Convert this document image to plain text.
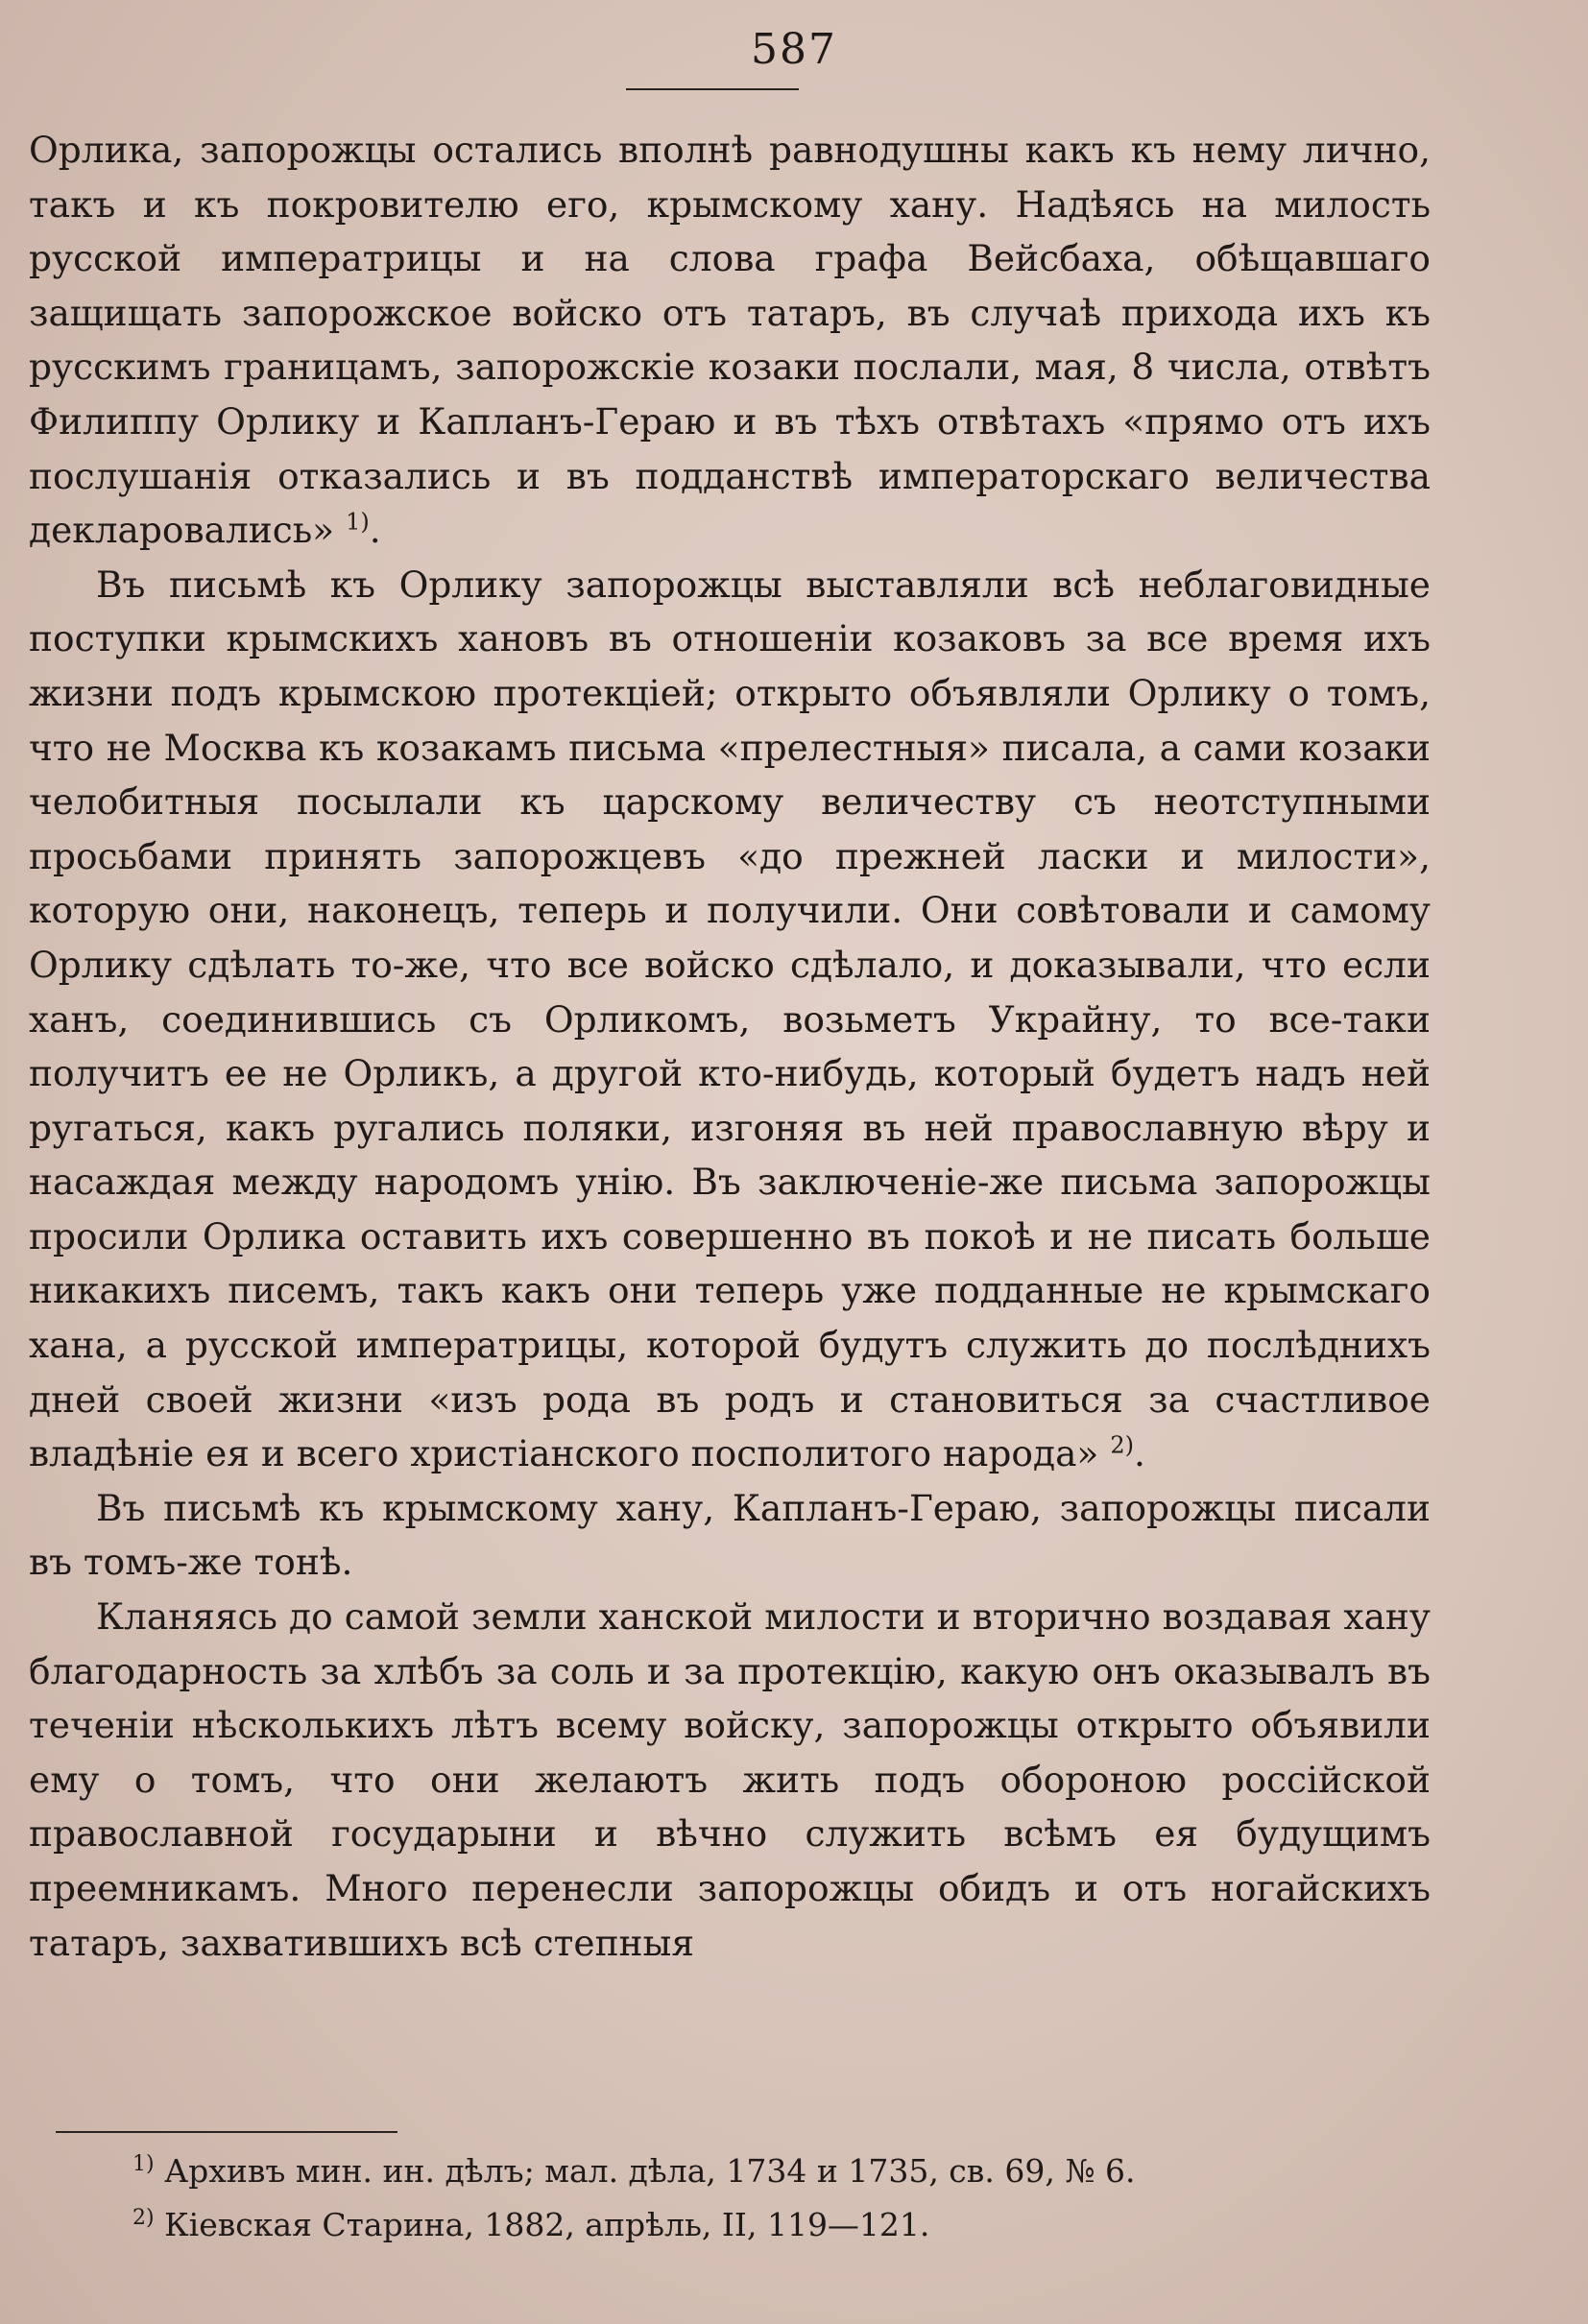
587

Орлика, запорожцы остались вполнѣ равнодушны какъ къ нему лично, такъ и къ покровителю его, крымскому хану. Надѣясь на милость русской императрицы и на слова графа Вейсбаха, обѣщавшаго защищать запорожское войско отъ татаръ, въ случаѣ прихода ихъ къ русскимъ границамъ, запорожскіе козаки послали, мая, 8 числа, отвѣтъ Филиппу Орлику и Капланъ-Гераю и въ тѣхъ отвѣтахъ «прямо отъ ихъ послушанія отказались и въ подданствѣ императорскаго величества декларовались» $^{1)}$.

Въ письмѣ къ Орлику запорожцы выставляли всѣ неблаговидные поступки крымскихъ хановъ въ отношеніи козаковъ за все время ихъ жизни подъ крымскою протекціей; открыто объявляли Орлику о томъ, что не Москва къ козакамъ письма «прелестныя» писала, а сами козаки челобитныя посылали къ царскому величеству съ неотступными просьбами принять запорожцевъ «до прежней ласки и милости», которую они, наконецъ, теперь и получили. Они совѣтовали и самому Орлику сдѣлать то-же, что все войско сдѣлало, и доказывали, что если ханъ, соединившись съ Орликомъ, возьметъ Украйну, то все-таки получитъ ее не Орликъ, а другой кто-нибудь, который будетъ надъ ней ругаться, какъ ругались поляки, изгоняя въ ней православную вѣру и насаждая между народомъ унію. Въ заключеніе-же письма запорожцы просили Орлика оставить ихъ совершенно въ покоѣ и не писать больше никакихъ писемъ, такъ какъ они теперь уже подданные не крымскаго хана, а русской императрицы, которой будутъ служить до послѣднихъ дней своей жизни «изъ рода въ родъ и становиться за счастливое владѣніе ея и всего христіанского посполитого народа» $^{2)}$.

Въ письмѣ къ крымскому хану, Капланъ-Гераю, запорожцы писали въ томъ-же тонѣ.

Кланяясь до самой земли ханской милости и вторично воздавая хану благодарность за хлѣбъ за соль и за протекцію, какую онъ оказывалъ въ теченіи нѣсколькихъ лѣтъ всему войску, запорожцы открыто объявили ему о томъ, что они желаютъ жить подъ обороною россійской православной государыни и вѣчно служить всѣмъ ея будущимъ преемникамъ. Много перенесли запорожцы обидъ и отъ ногайскихъ татаръ, захватившихъ всѣ степныя

$^{1)}$ Архивъ мин. ин. дѣлъ; мал. дѣла, 1734 и 1735, св. 69, № 6.
$^{2)}$ Кіевская Старина, 1882, апрѣль, II, 119—121.
